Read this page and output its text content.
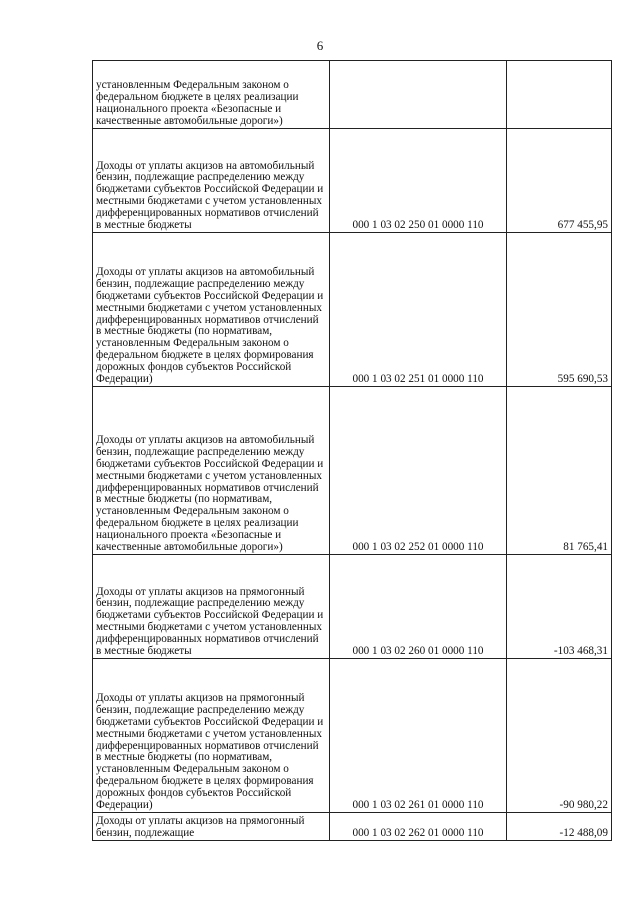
6
установленным Федеральным законом о федеральном бюджете в целях реализации национального проекта «Безопасные и качественные автомобильные дороги»)		

Доходы от уплаты акцизов на автомобильный бензин, подлежащие распределению между бюджетами субъектов Российской Федерации и местными бюджетами с учетом установленных дифференцированных нормативов отчислений в местные бюджеты	000 1 03 02 250 01 0000 110	677 455,95

Доходы от уплаты акцизов на автомобильный бензин, подлежащие распределению между бюджетами субъектов Российской Федерации и местными бюджетами с учетом установленных дифференцированных нормативов отчислений в местные бюджеты (по нормативам, установленным Федеральным законом о федеральном бюджете в целях формирования дорожных фондов субъектов Российской Федерации)	000 1 03 02 251 01 0000 110	595 690,53

Доходы от уплаты акцизов на автомобильный бензин, подлежащие распределению между бюджетами субъектов Российской Федерации и местными бюджетами с учетом установленных дифференцированных нормативов отчислений в местные бюджеты (по нормативам, установленным Федеральным законом о федеральном бюджете в целях реализации национального проекта «Безопасные и качественные автомобильные дороги»)	000 1 03 02 252 01 0000 110	81 765,41

Доходы от уплаты акцизов на прямогонный бензин, подлежащие распределению между бюджетами субъектов Российской Федерации и местными бюджетами с учетом установленных дифференцированных нормативов отчислений в местные бюджеты	000 1 03 02 260 01 0000 110	-103 468,31

Доходы от уплаты акцизов на прямогонный бензин, подлежащие распределению между бюджетами субъектов Российской Федерации и местными бюджетами с учетом установленных дифференцированных нормативов отчислений в местные бюджеты (по нормативам, установленным Федеральным законом о федеральном бюджете в целях формирования дорожных фондов субъектов Российской Федерации)	000 1 03 02 261 01 0000 110	-90 980,22

Доходы от уплаты акцизов на прямогонный бензин, подлежащие	000 1 03 02 262 01 0000 110	-12 488,09
